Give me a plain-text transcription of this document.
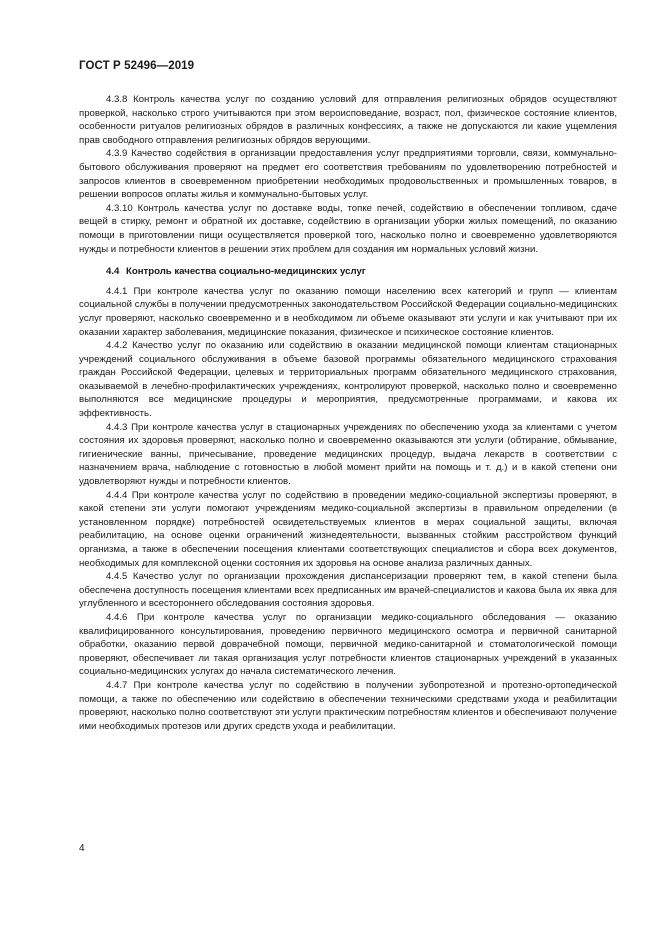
ГОСТ Р 52496—2019

4.3.8 Контроль качества услуг по созданию условий для отправления религиозных обрядов осуществляют проверкой, насколько строго учитываются при этом вероисповедание, возраст, пол, физическое состояние клиентов, особенности ритуалов религиозных обрядов в различных конфессиях, а также не допускаются ли какие ущемления прав свободного отправления религиозных обрядов верующими.

4.3.9 Качество содействия в организации предоставления услуг предприятиями торговли, связи, коммунально-бытового обслуживания проверяют на предмет его соответствия требованиям по удовлетворению потребностей и запросов клиентов в своевременном приобретении необходимых продовольственных и промышленных товаров, в решении вопросов оплаты жилья и коммунально-бытовых услуг.

4.3.10 Контроль качества услуг по доставке воды, топке печей, содействию в обеспечении топливом, сдаче вещей в стирку, ремонт и обратной их доставке, содействию в организации уборки жилых помещений, по оказанию помощи в приготовлении пищи осуществляется проверкой того, насколько полно и своевременно удовлетворяются нужды и потребности клиентов в решении этих проблем для создания им нормальных условий жизни.

4.4 Контроль качества социально-медицинских услуг

4.4.1 При контроле качества услуг по оказанию помощи населению всех категорий и групп — клиентам социальной службы в получении предусмотренных законодательством Российской Федерации социально-медицинских услуг проверяют, насколько своевременно и в необходимом ли объеме оказывают эти услуги и как учитывают при их оказании характер заболевания, медицинские показания, физическое и психическое состояние клиентов.

4.4.2 Качество услуг по оказанию или содействию в оказании медицинской помощи клиентам стационарных учреждений социального обслуживания в объеме базовой программы обязательного медицинского страхования граждан Российской Федерации, целевых и территориальных программ обязательного медицинского страхования, оказываемой в лечебно-профилактических учреждениях, контролируют проверкой, насколько полно и своевременно выполняются все медицинские процедуры и мероприятия, предусмотренные программами, и какова их эффективность.

4.4.3 При контроле качества услуг в стационарных учреждениях по обеспечению ухода за клиентами с учетом состояния их здоровья проверяют, насколько полно и своевременно оказываются эти услуги (обтирание, обмывание, гигиенические ванны, причесывание, проведение медицинских процедур, выдача лекарств в соответствии с назначением врача, наблюдение с готовностью в любой момент прийти на помощь и т. д.) и в какой степени они удовлетворяют нужды и потребности клиентов.

4.4.4 При контроле качества услуг по содействию в проведении медико-социальной экспертизы проверяют, в какой степени эти услуги помогают учреждениям медико-социальной экспертизы в правильном определении (в установленном порядке) потребностей освидетельствуемых клиентов в мерах социальной защиты, включая реабилитацию, на основе оценки ограничений жизнедеятельности, вызванных стойким расстройством функций организма, а также в обеспечении посещения клиентами соответствующих специалистов и сбора всех документов, необходимых для комплексной оценки состояния их здоровья на основе анализа различных данных.

4.4.5 Качество услуг по организации прохождения диспансеризации проверяют тем, в какой степени была обеспечена доступность посещения клиентами всех предписанных им врачей-специалистов и какова была их явка для углубленного и всестороннего обследования состояния здоровья.

4.4.6 При контроле качества услуг по организации медико-социального обследования — оказанию квалифицированного консультирования, проведению первичного медицинского осмотра и первичной санитарной обработки, оказанию первой доврачебной помощи, первичной медико-санитарной и стоматологической помощи проверяют, обеспечивает ли такая организация услуг потребности клиентов стационарных учреждений в указанных социально-медицинских услугах до начала систематического лечения.

4.4.7 При контроле качества услуг по содействию в получении зубопротезной и протезно-ортопедической помощи, а также по обеспечению или содействию в обеспечении техническими средствами ухода и реабилитации проверяют, насколько полно соответствуют эти услуги практическим потребностям клиентов и обеспечивают получение ими необходимых протезов или других средств ухода и реабилитации.

4
